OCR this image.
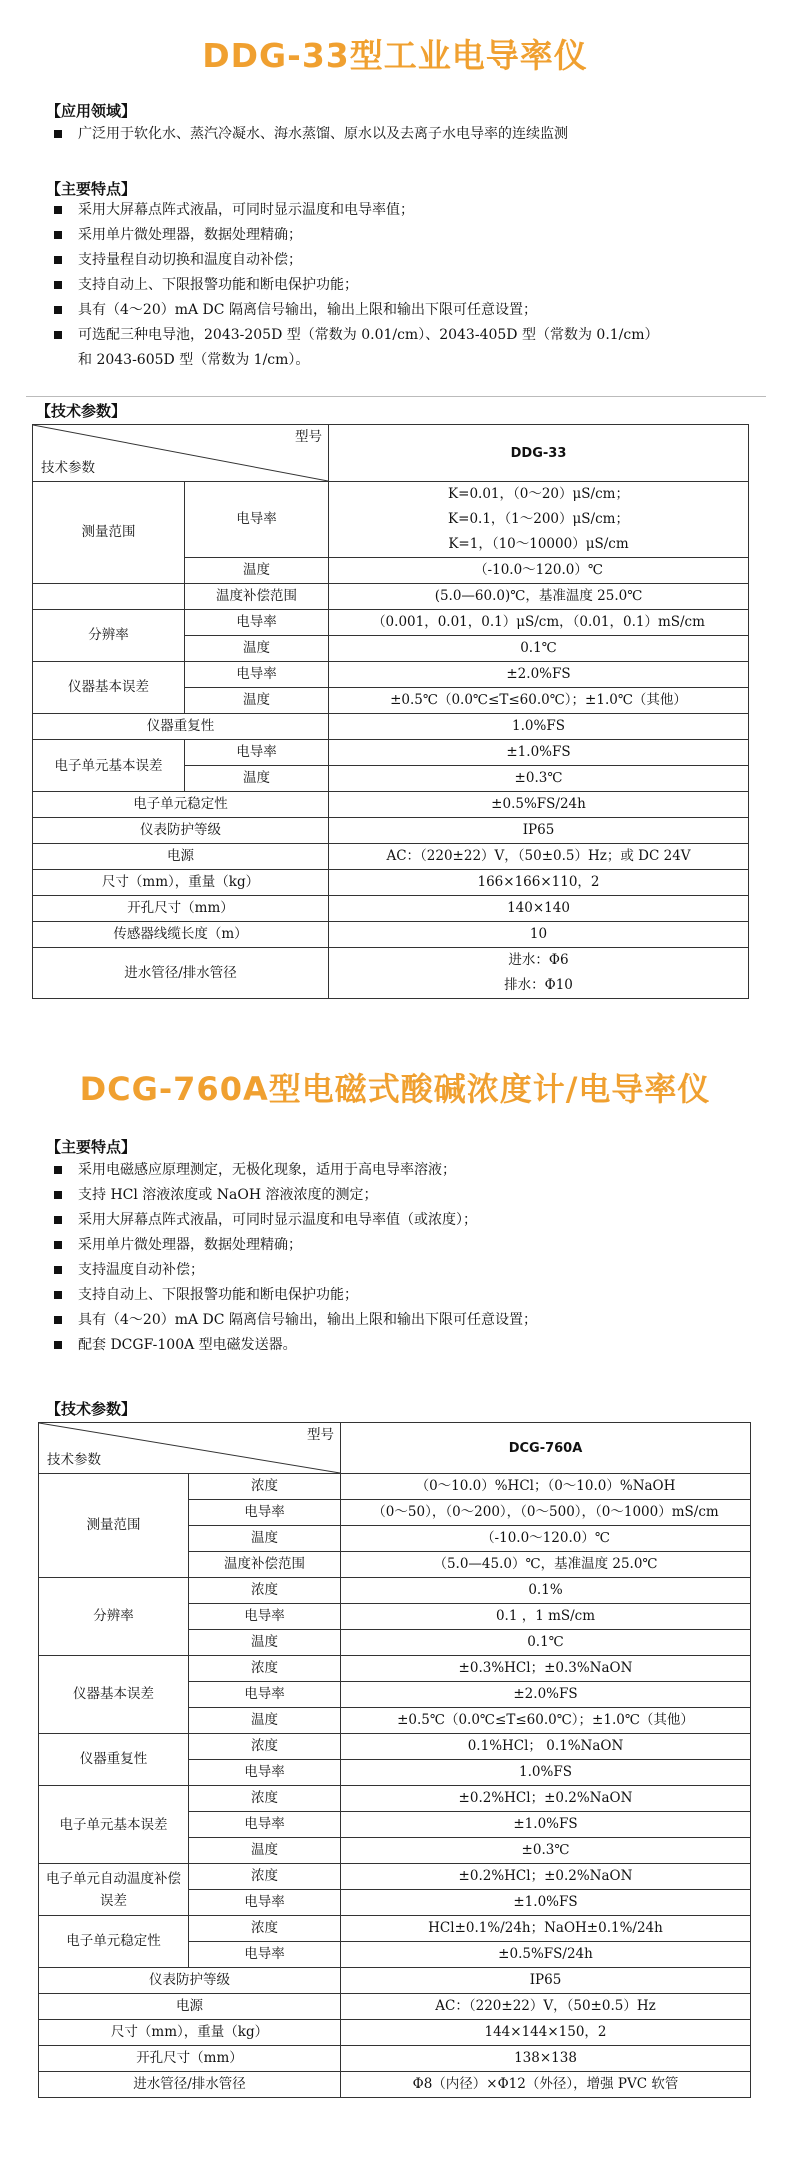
DDG-33型工业电导率仪
【应用领域】
广泛用于软化水、蒸汽冷凝水、海水蒸馏、原水以及去离子水电导率的连续监测
【主要特点】
采用大屏幕点阵式液晶，可同时显示温度和电导率值；
采用单片微处理器，数据处理精确；
支持量程自动切换和温度自动补偿；
支持自动上、下限报警功能和断电保护功能；
具有（4～20）mA DC 隔离信号输出，输出上限和输出下限可任意设置；
可选配三种电导池，2043-205D 型（常数为 0.01/cm）、2043-405D 型（常数为 0.1/cm）
和 2043-605D 型（常数为 1/cm）。
【技术参数】
型号
技术参数		DDG-33
测量范围	电导率	K=0.01，（0～20）μS/cm；
		K=0.1，（1～200）μS/cm；
		K=1，（10～10000）μS/cm
	温度	（-10.0～120.0）℃
	温度补偿范围	(5.0—60.0)℃，基准温度 25.0℃
分辨率	电导率	（0.001，0.01，0.1）μS/cm，（0.01，0.1）mS/cm
	温度	0.1℃
仪器基本误差	电导率	±2.0%FS
	温度	±0.5℃（0.0℃≤T≤60.0℃）；±1.0℃（其他）
仪器重复性		1.0%FS
电子单元基本误差	电导率	±1.0%FS
	温度	±0.3℃
电子单元稳定性		±0.5%FS/24h
仪表防护等级		IP65
电源		AC：（220±22）V，（50±0.5）Hz；或 DC 24V
尺寸（mm），重量（kg）		166×166×110，2
开孔尺寸（mm）		140×140
传感器线缆长度（m）		10
进水管径/排水管径		进水：Φ6
		排水：Φ10
DCG-760A型电磁式酸碱浓度计/电导率仪
【主要特点】
采用电磁感应原理测定，无极化现象，适用于高电导率溶液；
支持 HCl 溶液浓度或 NaOH 溶液浓度的测定；
采用大屏幕点阵式液晶，可同时显示温度和电导率值（或浓度）；
采用单片微处理器，数据处理精确；
支持温度自动补偿；
支持自动上、下限报警功能和断电保护功能；
具有（4～20）mA DC 隔离信号输出，输出上限和输出下限可任意设置；
配套 DCGF-100A 型电磁发送器。
【技术参数】
型号
技术参数		DCG-760A
测量范围	浓度	（0～10.0）%HCl；（0～10.0）%NaOH
	电导率	（0～50），（0～200），（0～500），（0～1000）mS/cm
	温度	（-10.0～120.0）℃
	温度补偿范围	（5.0—45.0）℃，基准温度 25.0℃
分辨率	浓度	0.1%
	电导率	0.1 ，1 mS/cm
	温度	0.1℃
仪器基本误差	浓度	±0.3%HCl；±0.3%NaON
	电导率	±2.0%FS
	温度	±0.5℃（0.0℃≤T≤60.0℃）；±1.0℃（其他）
仪器重复性	浓度	0.1%HCl； 0.1%NaON
	电导率	1.0%FS
电子单元基本误差	浓度	±0.2%HCl；±0.2%NaON
	电导率	±1.0%FS
	温度	±0.3℃
电子单元自动温度补偿误差	浓度	±0.2%HCl；±0.2%NaON
	电导率	±1.0%FS
电子单元稳定性	浓度	HCl±0.1%/24h；NaOH±0.1%/24h
	电导率	±0.5%FS/24h
仪表防护等级		IP65
电源		AC：（220±22）V，（50±0.5）Hz
尺寸（mm），重量（kg）		144×144×150，2
开孔尺寸（mm）		138×138
进水管径/排水管径		Φ8（内径）×Φ12（外径），增强 PVC 软管
